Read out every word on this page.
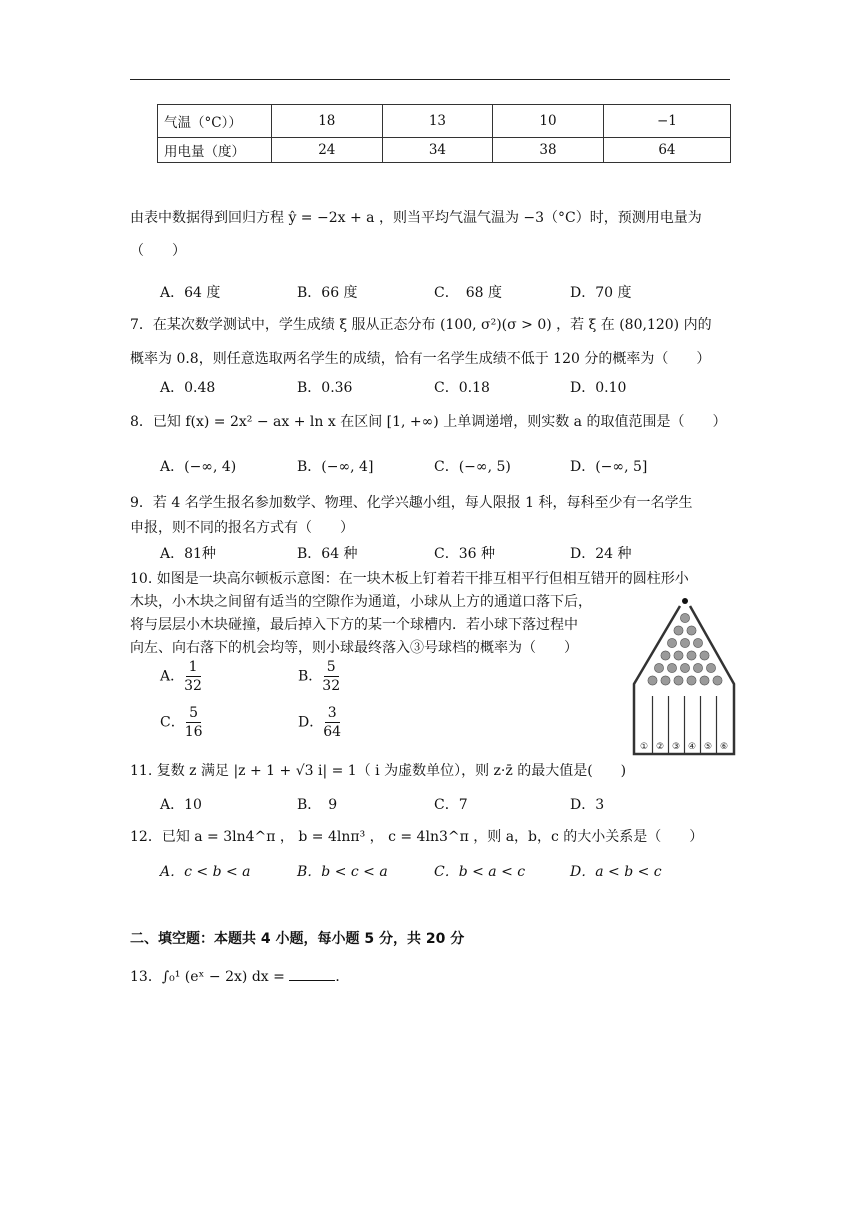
气温（°C））	18	13	10	−1
用电量（度）	24	34	38	64
由表中数据得到回归方程 ŷ = −2x + a ，则当平均气温气温为 −3（°C）时，预测用电量为
（　　）
A．64 度	B．66 度	C．　68 度	D．70 度
7．在某次数学测试中，学生成绩 ξ 服从正态分布 (100, σ²)(σ > 0) ，若 ξ 在 (80,120) 内的
概率为 0.8，则任意选取两名学生的成绩，恰有一名学生成绩不低于 120 分的概率为（　　）
A．0.48	B．0.36	C．0.18	D．0.10
8．已知 f(x) = 2x² − ax + ln x 在区间 [1, +∞) 上单调递增，则实数 a 的取值范围是（　　）
A．(−∞, 4)	B．(−∞, 4]	C．(−∞, 5)	D．(−∞, 5]
9．若 4 名学生报名参加数学、物理、化学兴趣小组，每人限报 1 科，每科至少有一名学生
申报，则不同的报名方式有（　　）
A．81种	B．64 种	C．36 种	D．24 种
10. 如图是一块高尔顿板示意图：在一块木板上钉着若干排互相平行但相互错开的圆柱形小
木块，小木块之间留有适当的空隙作为通道，小球从上方的通道口落下后，
将与层层小木块碰撞，最后掉入下方的某一个球槽内．若小球下落过程中
向左、向右落下的机会均等，则小球最终落入③号球档的概率为（　　）
A． $\frac{1}{32}$	B． $\frac{5}{32}$
C． $\frac{5}{16}$	D． $\frac{3}{64}$
① ② ③ ④ ⑤ ⑥
11. 复数 z 满足 |z + 1 + √3 i| = 1（ i 为虚数单位），则 z·z̄ 的最大值是(　　)
A．10	B．　9	C．7	D．3
12．已知 a = 3ln4^π ， b = 4lnπ³ ， c = 4ln3^π ，则 a，b，c 的大小关系是（　　）
A．c < b < a	B．b < c < a	C．b < a < c	D．a < b < c
二、填空题：本题共 4 小题，每小题 5 分，共 20 分
13．∫₀¹ (eˣ − 2x) dx =	．
